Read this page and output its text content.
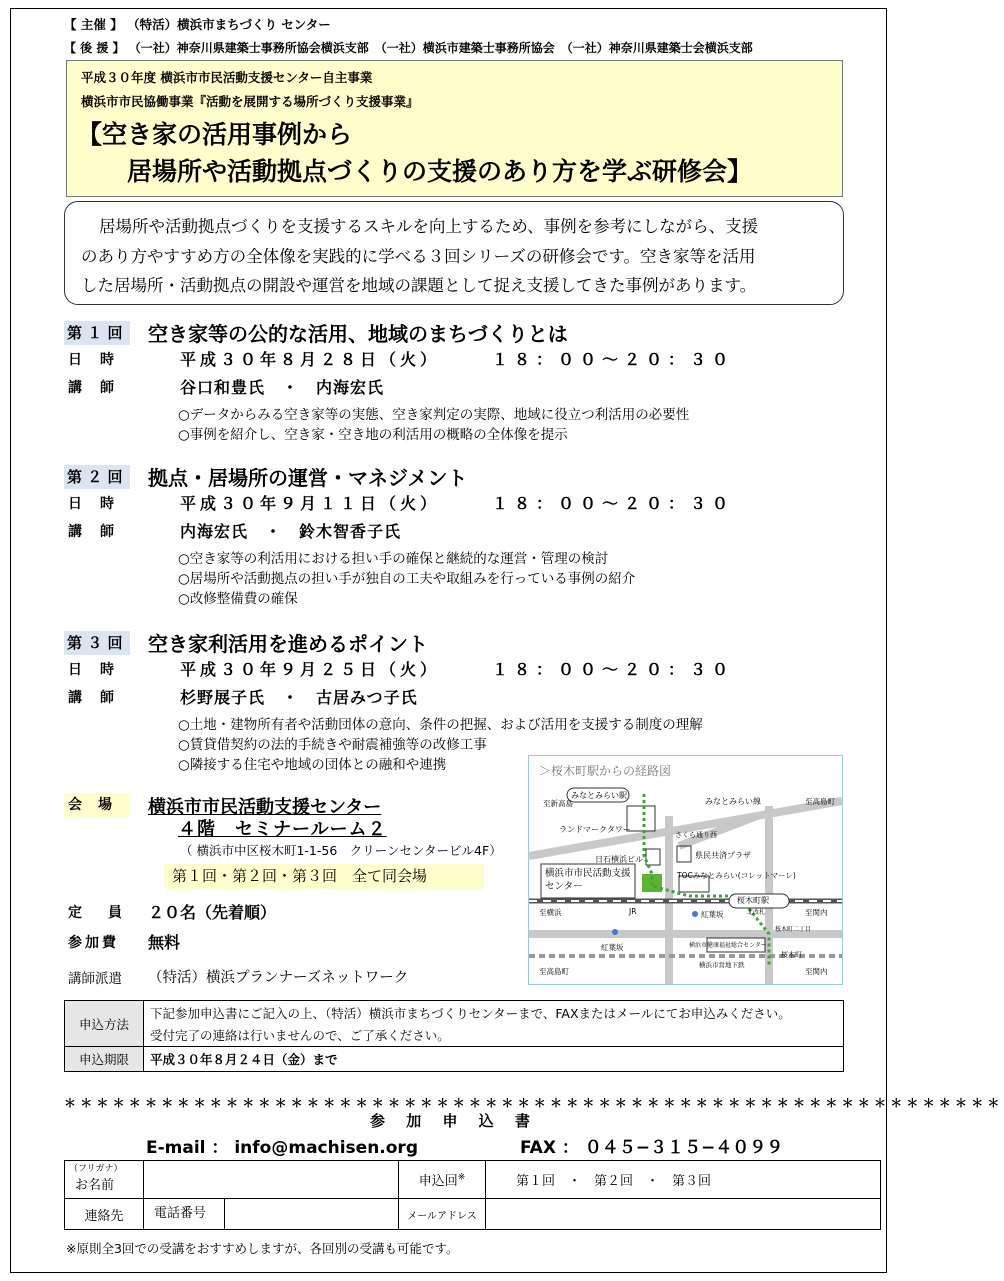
【 主催 】 （特活）横浜市まちづくり センター
【 後 援 】 （一社）神奈川県建築士事務所協会横浜支部　（一社）横浜市建築士事務所協会　（一社）神奈川県建築士会横浜支部
平成３０年度 横浜市市民活動支援センター自主事業
横浜市市民協働事業『活動を展開する場所づくり支援事業』
【空き家の活用事例から
居場所や活動拠点づくりの支援のあり方を学ぶ研修会】
居場所や活動拠点づくりを支援するスキルを向上するため、事例を参考にしながら、支援
のあり方やすすめ方の全体像を実践的に学べる３回シリーズの研修会です。空き家等を活用
した居場所・活動拠点の開設や運営を地域の課題として捉え支援してきた事例があります。
第 １ 回	空き家等の公的な活用、地域のまちづくりとは
日時	平成３０年８月２８日（火）	１８：００〜２０：３０
講師	谷口和豊氏　・　内海宏氏
○データからみる空き家等の実態、空き家判定の実際、地域に役立つ利活用の必要性
○事例を紹介し、空き家・空き地の利活用の概略の全体像を提示
第 ２ 回	拠点・居場所の運営・マネジメント
日時	平成３０年９月１１日（火）	１８：００〜２０：３０
講師	内海宏氏　・　鈴木智香子氏
○空き家等の利活用における担い手の確保と継続的な運営・管理の検討
○居場所や活動拠点の担い手が独自の工夫や取組みを行っている事例の紹介
○改修整備費の確保
第 ３ 回	空き家利活用を進めるポイント
日時	平成３０年９月２５日（火）	１８：００〜２０：３０
講師	杉野展子氏　・　古居みつ子氏
○土地・建物所有者や活動団体の意向、条件の把握、および活用を支援する制度の理解
○賃貸借契約の法的手続きや耐震補強等の改修工事
○隣接する住宅や地域の団体との融和や連携
会場 横浜市市民活動支援センター
４階　セミナールーム２
（ 横浜市中区桜木町1-1-56　クリーンセンタービル4F）
第１回・第２回・第３回　全て同会場
定　員 ２０名（先着順）
参加費 無料
講師派遣 （特活）横浜プランナーズネットワーク
＞桜木町駅からの経路図
みなとみらい駅
みなとみらい線
至新高島	至高島町
ランドマークタワー
さくら通り西
日石横浜ビル	県民共済プラザ
横浜市市民活動支援センター
TOCみなとみらい(コレットマーレ)
桜木町駅
JR
至横浜	至関内
紅葉坂
紅葉坂
北改札
横浜市健康福祉総合センター
桜木町二丁目
至高島町	至関内
横浜市営地下鉄
桜木町
申込方法	下記参加申込書にご記入の上、（特活）横浜市まちづくりセンターまで、FAXまたはメールにてお申込みください。
受付完了の連絡は行いませんので、ご了承ください。

申込期限	平成３０年８月２４日（金）まで
＊＊＊＊＊＊＊＊＊＊＊＊＊＊＊＊＊＊＊＊＊＊＊＊＊＊＊＊＊＊＊＊＊＊＊＊＊＊＊＊＊＊＊＊＊＊＊＊＊＊＊＊＊＊＊＊＊＊
参 加 申 込 書
E-mail ： info@machisen.org	FAX ： ０４５−３１５−４０９９
（フリガナ）
お名前		申込回※	第１回　・　第２回　・　第３回
連絡先	電話番号	メールアドレス	
※原則全3回での受講をおすすめしますが、各回別の受講も可能です。
